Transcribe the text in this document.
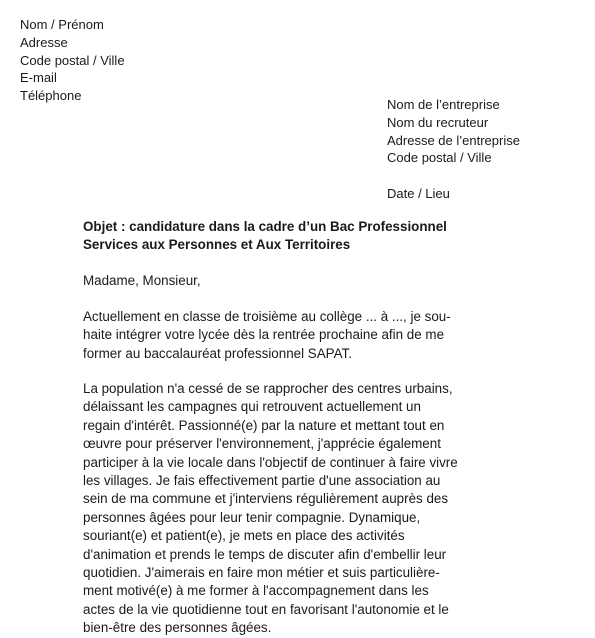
Nom / Prénom
Adresse
Code postal / Ville
E-mail
Téléphone
Nom de l’entreprise
Nom du recruteur
Adresse de l’entreprise
Code postal / Ville
Date / Lieu
Objet : candidature dans la cadre d’un Bac Professionnel
Services aux Personnes et Aux Territoires
Madame, Monsieur,
Actuellement en classe de troisième au collège ... à ..., je sou-
haite intégrer votre lycée dès la rentrée prochaine afin de me
former au baccalauréat professionnel SAPAT.
La population n'a cessé de se rapprocher des centres urbains,
délaissant les campagnes qui retrouvent actuellement un
regain d'intérêt. Passionné(e) par la nature et mettant tout en
œuvre pour préserver l'environnement, j'apprécie également
participer à la vie locale dans l'objectif de continuer à faire vivre
les villages. Je fais effectivement partie d'une association au
sein de ma commune et j'interviens régulièrement auprès des
personnes âgées pour leur tenir compagnie. Dynamique,
souriant(e) et patient(e), je mets en place des activités
d'animation et prends le temps de discuter afin d'embellir leur
quotidien. J'aimerais en faire mon métier et suis particulière-
ment motivé(e) à me former à l'accompagnement dans les
actes de la vie quotidienne tout en favorisant l'autonomie et le
bien-être des personnes âgées.
